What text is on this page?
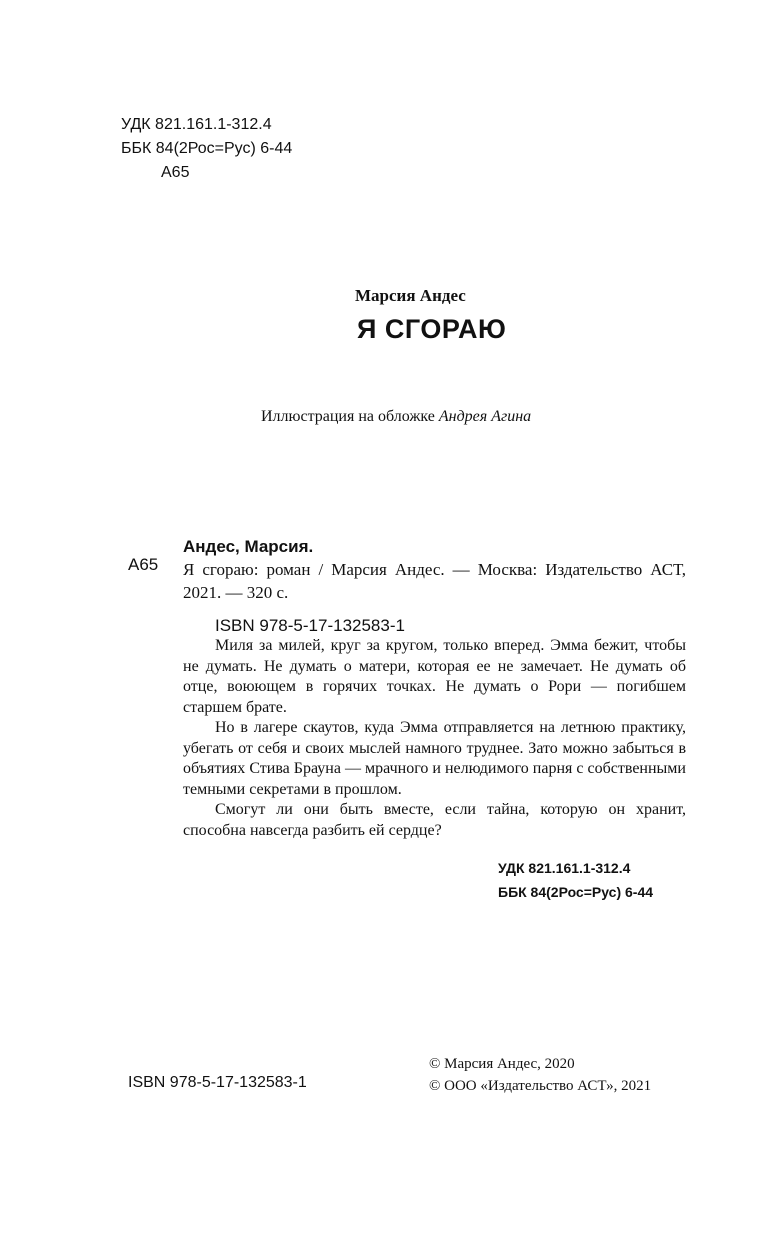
УДК 821.161.1-312.4
ББК 84(2Рос=Рус) 6-44
А65
Марсия Андес
Я СГОРАЮ
Иллюстрация на обложке Андрея Агина
А65
Андес, Марсия.
Я сгораю: роман / Марсия Андес. — Москва: Издательство АСТ, 2021. — 320 с.
ISBN 978-5-17-132583-1

Миля за милей, круг за кругом, только вперед. Эмма бежит, чтобы не думать. Не думать о матери, которая ее не замечает. Не думать об отце, воюющем в горячих точках. Не думать о Рори — погибшем старшем брате.

Но в лагере скаутов, куда Эмма отправляется на летнюю практику, убегать от себя и своих мыслей намного труднее. Зато можно забыться в объятиях Стива Брауна — мрачного и нелюдимого парня с собственными темными секретами в прошлом.

Смогут ли они быть вместе, если тайна, которую он хранит, способна навсегда разбить ей сердце?

УДК 821.161.1-312.4
ББК 84(2Рос=Рус) 6-44
ISBN 978-5-17-132583-1
© Марсия Андес, 2020
© ООО «Издательство АСТ», 2021
